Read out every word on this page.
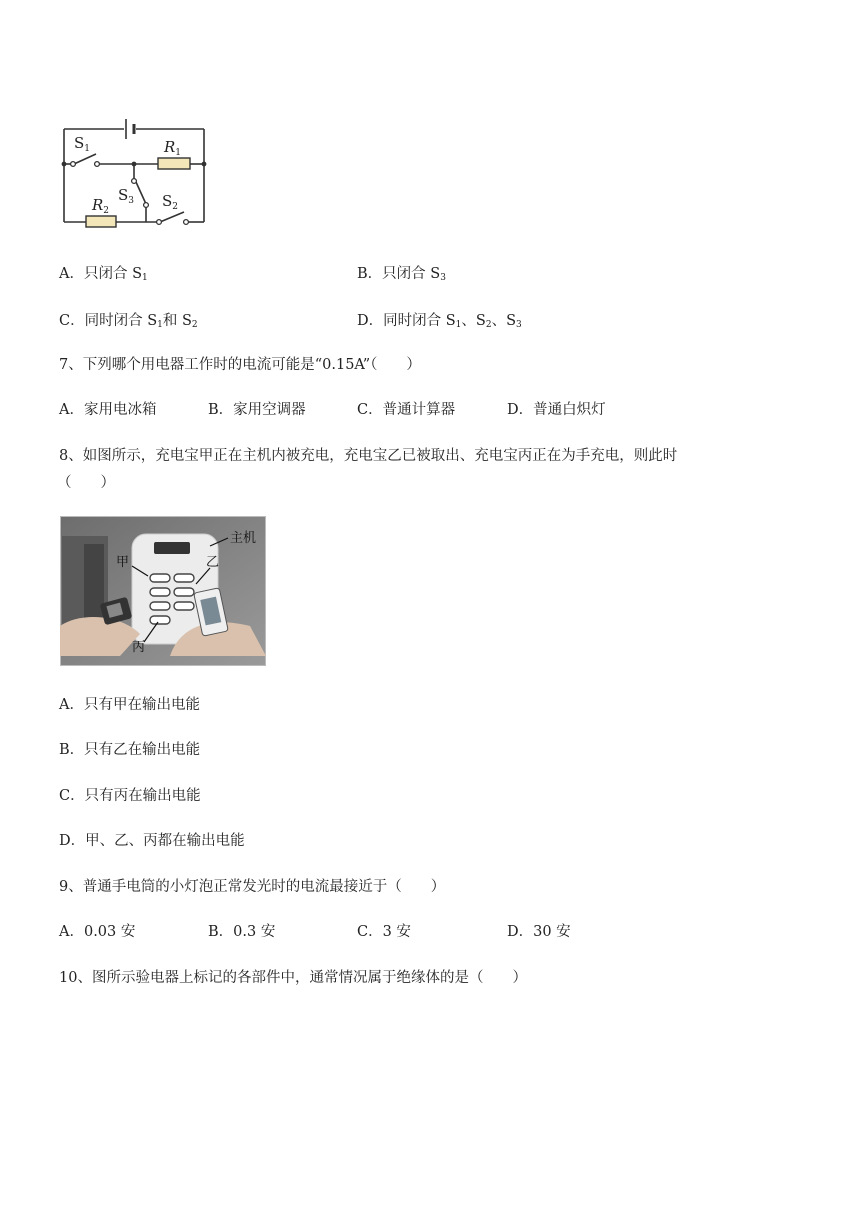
$S_1$	$R_1$
$S_3$
$R_2$
$S_2$
A．只闭合 $S_1$	B．只闭合 $S_3$
C．同时闭合 $S_1$和 $S_2$	D．同时闭合 $S_1$、$S_2$、$S_3$
7、下列哪个用电器工作时的电流可能是“0.15A”（　　）
A．家用电冰箱	B．家用空调器	C．普通计算器	D．普通白炽灯
8、如图所示，充电宝甲正在主机内被充电，充电宝乙已被取出、充电宝丙正在为手充电，则此时
（　　）
主机
甲	乙
丙
A．只有甲在输出电能
B．只有乙在输出电能
C．只有丙在输出电能
D．甲、乙、丙都在输出电能
9、普通手电筒的小灯泡正常发光时的电流最接近于（　　）
A．0.03 安	B．0.3 安	C．3 安	D．30 安
10、图所示验电器上标记的各部件中，通常情况属于绝缘体的是（　　）
